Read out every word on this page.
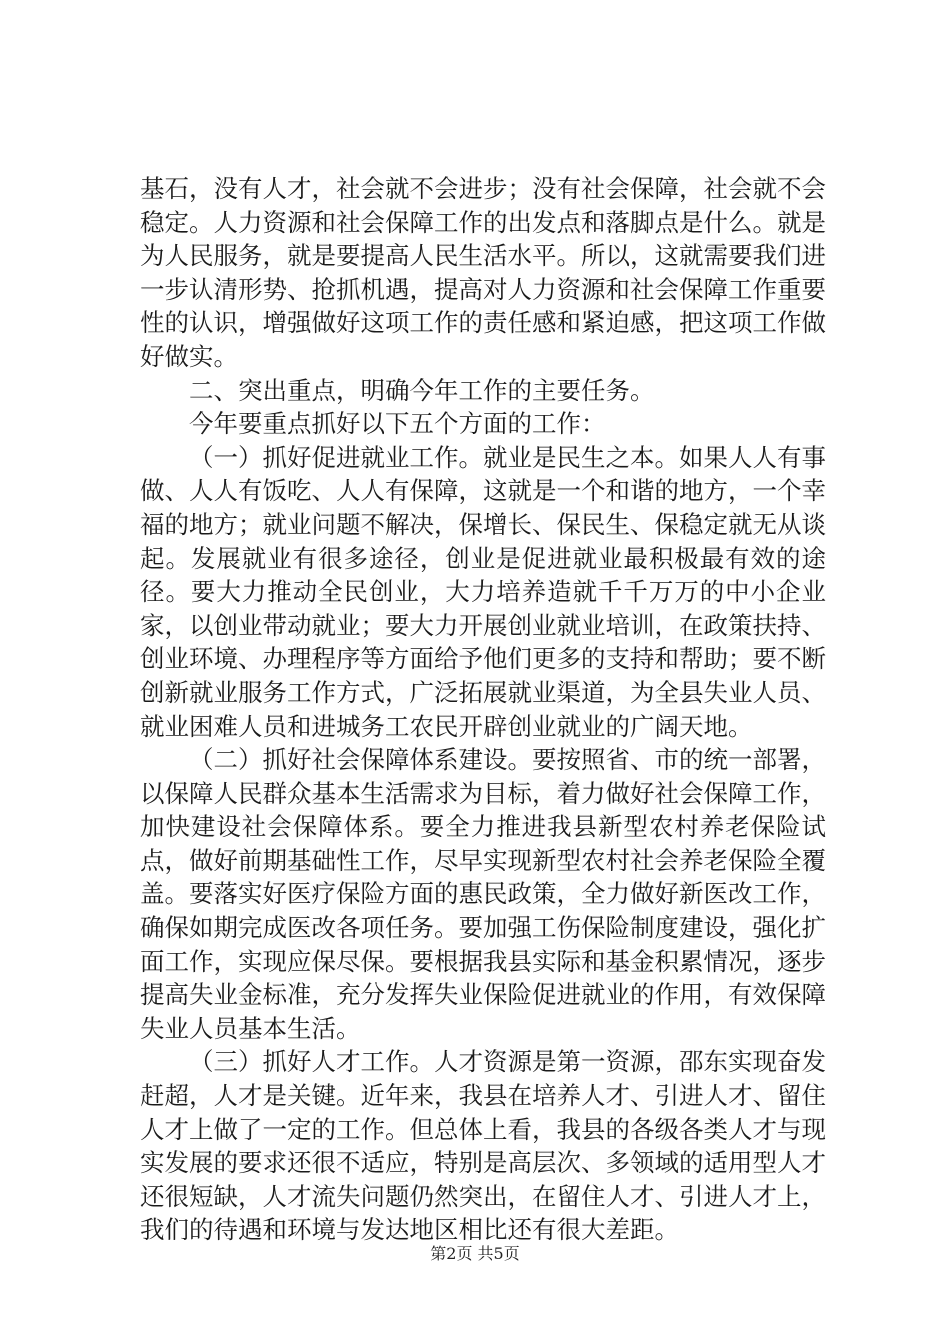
基石，没有人才，社会就不会进步；没有社会保障，社会就不会稳定。人力资源和社会保障工作的出发点和落脚点是什么。就是为人民服务，就是要提高人民生活水平。所以，这就需要我们进一步认清形势、抢抓机遇，提高对人力资源和社会保障工作重要性的认识，增强做好这项工作的责任感和紧迫感，把这项工作做好做实。

二、突出重点，明确今年工作的主要任务。

今年要重点抓好以下五个方面的工作：

（一）抓好促进就业工作。就业是民生之本。如果人人有事做、人人有饭吃、人人有保障，这就是一个和谐的地方，一个幸福的地方；就业问题不解决，保增长、保民生、保稳定就无从谈起。发展就业有很多途径，创业是促进就业最积极最有效的途径。要大力推动全民创业，大力培养造就千千万万的中小企业家，以创业带动就业；要大力开展创业就业培训，在政策扶持、创业环境、办理程序等方面给予他们更多的支持和帮助；要不断创新就业服务工作方式，广泛拓展就业渠道，为全县失业人员、就业困难人员和进城务工农民开辟创业就业的广阔天地。

（二）抓好社会保障体系建设。要按照省、市的统一部署，以保障人民群众基本生活需求为目标，着力做好社会保障工作，加快建设社会保障体系。要全力推进我县新型农村养老保险试点，做好前期基础性工作，尽早实现新型农村社会养老保险全覆盖。要落实好医疗保险方面的惠民政策，全力做好新医改工作，确保如期完成医改各项任务。要加强工伤保险制度建设，强化扩面工作，实现应保尽保。要根据我县实际和基金积累情况，逐步提高失业金标准，充分发挥失业保险促进就业的作用，有效保障失业人员基本生活。

（三）抓好人才工作。人才资源是第一资源，邵东实现奋发赶超，人才是关键。近年来，我县在培养人才、引进人才、留住人才上做了一定的工作。但总体上看，我县的各级各类人才与现实发展的要求还很不适应，特别是高层次、多领域的适用型人才还很短缺，人才流失问题仍然突出，在留住人才、引进人才上，我们的待遇和环境与发达地区相比还有很大差距。

第2页 共5页
